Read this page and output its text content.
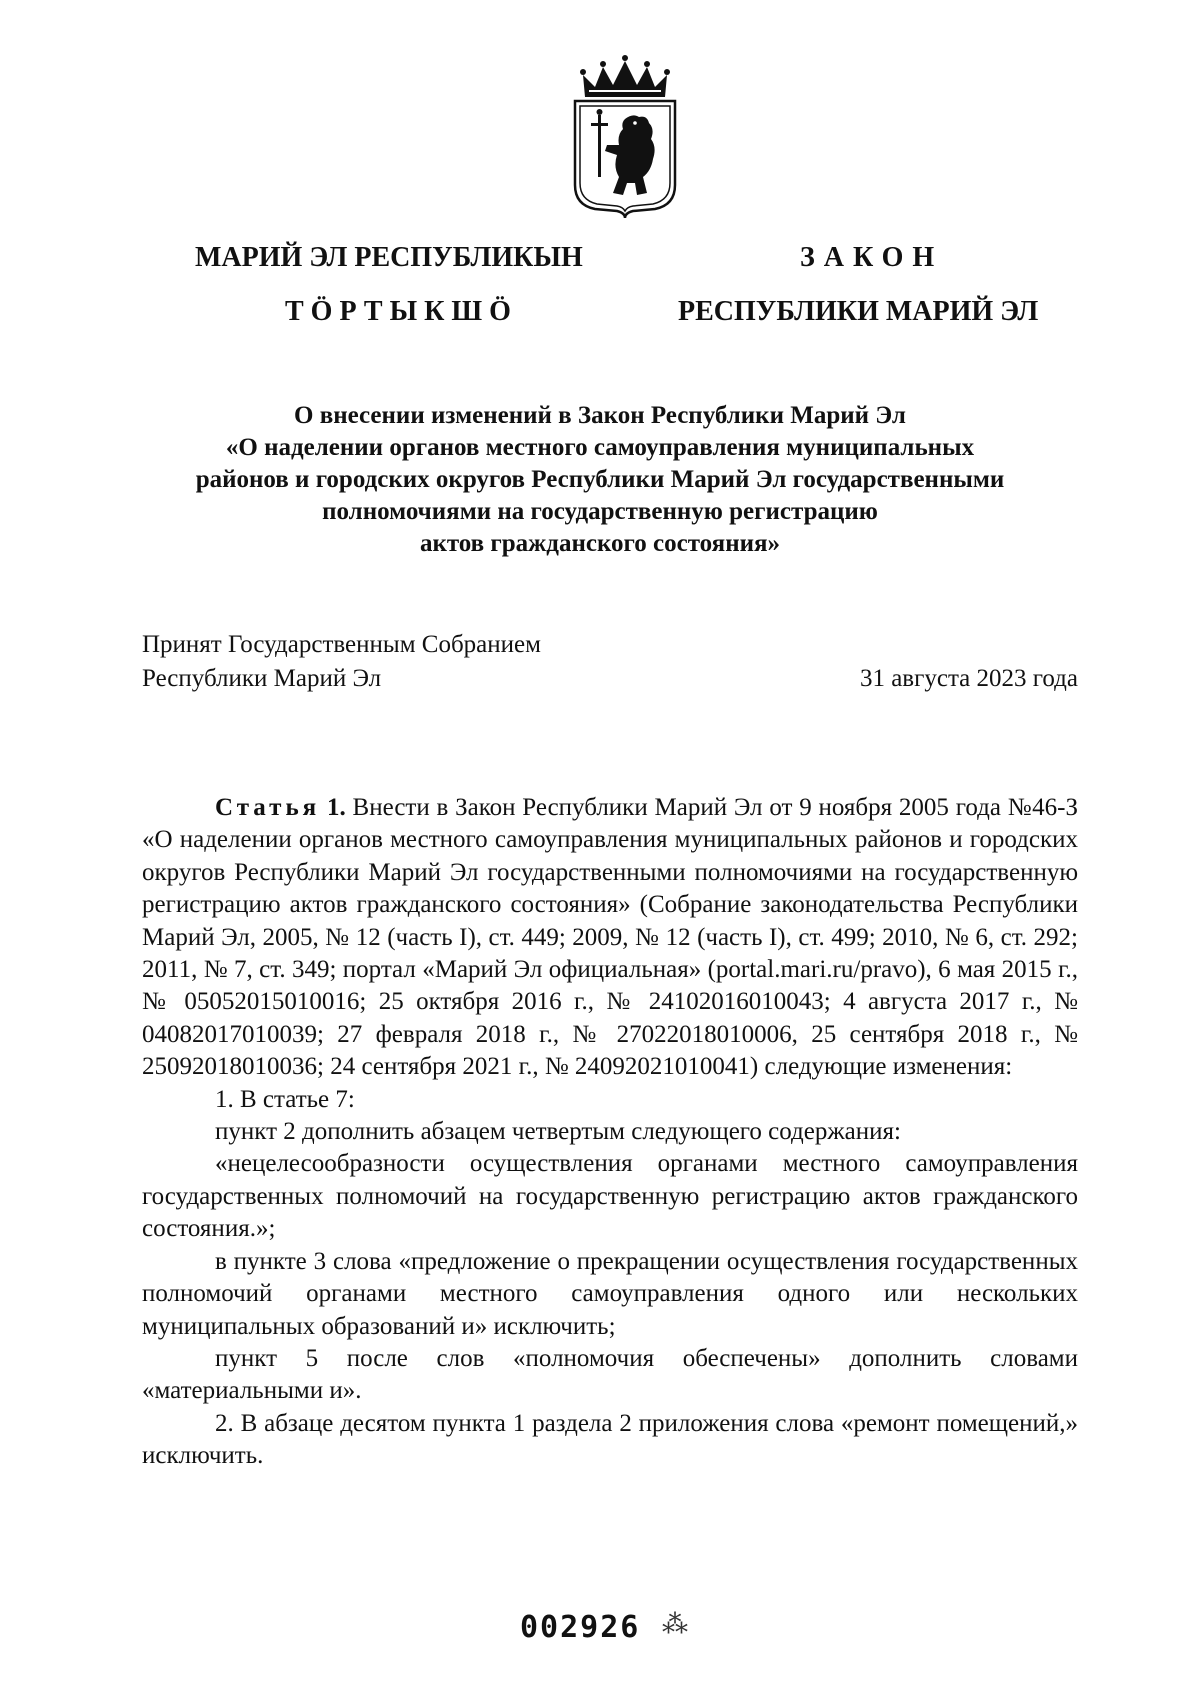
МАРИЙ ЭЛ РЕСПУБЛИКЫН
ТӦРТЫКШӦ
ЗАКОН
РЕСПУБЛИКИ МАРИЙ ЭЛ
О внесении изменений в Закон Республики Марий Эл
«О наделении органов местного самоуправления муниципальных
районов и городских округов Республики Марий Эл государственными
полномочиями на государственную регистрацию
актов гражданского состояния»
Принят Государственным Собранием
Республики Марий Эл	31 августа 2023 года

Статья 1. Внести в Закон Республики Марий Эл от 9 ноября 2005 года №46-З «О наделении органов местного самоуправления муниципальных районов и городских округов Республики Марий Эл государственными полномочиями на государственную регистрацию актов гражданского состояния» (Собрание законодательства Республики Марий Эл, 2005, № 12 (часть I), ст. 449; 2009, № 12 (часть I), ст. 499; 2010, № 6, ст. 292; 2011, № 7, ст. 349; портал «Марий Эл официальная» (portal.mari.ru/pravo), 6 мая 2015 г., № 05052015010016; 25 октября 2016 г., № 24102016010043; 4 августа 2017 г., № 04082017010039; 27 февраля 2018 г., № 27022018010006, 25 сентября 2018 г., № 25092018010036; 24 сентября 2021 г., № 24092021010041) следующие изменения:

1. В статье 7:

пункт 2 дополнить абзацем четвертым следующего содержания:

«нецелесообразности осуществления органами местного самоуправления государственных полномочий на государственную регистрацию актов гражданского состояния.»;

в пункте 3 слова «предложение о прекращении осуществления государственных полномочий органами местного самоуправления одного или нескольких муниципальных образований и» исключить;

пункт 5 после слов «полномочия обеспечены» дополнить словами «материальными и».

2. В абзаце десятом пункта 1 раздела 2 приложения слова «ремонт помещений,» исключить.

002926 ⁂
